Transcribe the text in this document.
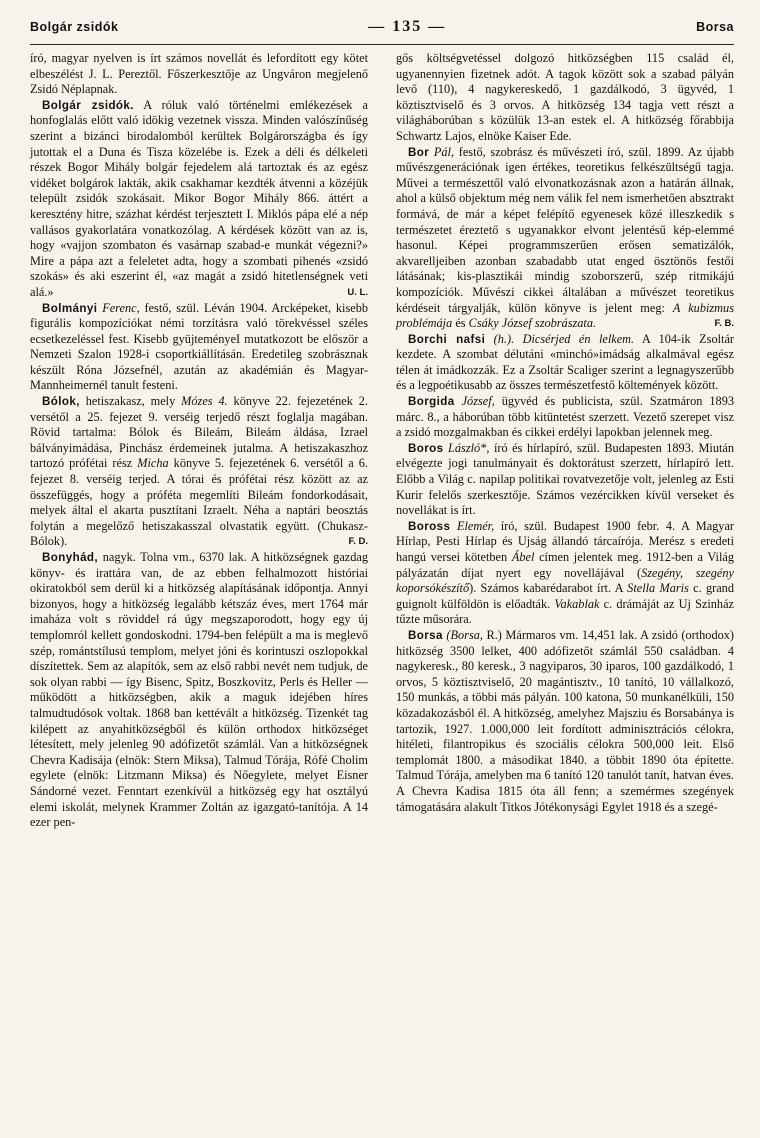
Bolgár zsidók	— 135 —	Borsa

író, magyar nyelven is írt számos novellát és lefordított egy kötet elbeszélést J. L. Pereztől. Főszerkesztője az Ungváron megjelenő Zsidó Néplapnak.

Bolgár zsidók. A róluk való történelmi emlékezések a honfoglalás előtt való idökig vezetnek vissza. Minden valószínűség szerint a bizánci birodalomból kerültek Bolgárországba és így jutottak el a Duna és Tisza közelébe is. Ezek a déli és délkeleti részek Bogor Mihály bolgár fejedelem alá tartoztak és az egész vidéket bolgárok lakták, akik csakhamar kezdték átvenni a közéjük települt zsidók szokásait. Mikor Bogor Mihály 866. áttért a keresztény hitre, százhat kérdést terjesztett I. Miklós pápa elé a nép vallásos gyakorlatára vonatkozólag. A kérdések között van az is, hogy «vajjon szombaton és vasárnap szabad-e munkát végezni?» Mire a pápa azt a feleletet adta, hogy a szombati pihenés «zsidó szokás» és aki eszerint él, «az magát a zsidó hitetlenségnek veti alá.»	U. L.

Bolmányi Ferenc, festő, szül. Léván 1904. Arcképeket, kisebb figurális kompozíciókat némi torzításra való törekvéssel széles ecsetkezeléssel fest. Kisebb gyüjteményeI mutatkozott be először a Nemzeti Szalon 1928-i csoportkiállításán. Eredetileg szobrásznak készült Róna Józsefnél, azután az akadémián és Magyar-Mannheimernél tanult festeni.

Bólok, hetiszakasz, mely Mózes 4. könyve 22. fejezetének 2. versétől a 25. fejezet 9. verséig terjedő részt foglalja magában. Rövid tartalma: Bólok és Bileám, Bileám áldása, Izrael bálványimádása, Pinchász érdemeinek jutalma. A hetiszakaszhoz tartozó prófétai rész Micha könyve 5. fejezetének 6. versétől a 6. fejezet 8. verséig terjed. A tórai és prófétai rész között az az összefüggés, hogy a próféta megemlíti Bileám fondorkodásait, melyek által el akarta pusztítani Izraelt. Néha a naptári beosztás folytán a megelőző hetiszakasszal olvastatik együtt. (Chukasz-Bólok).	F. D.

Bonyhád, nagyk. Tolna vm., 6370 lak. A hitközségnek gazdag könyv- és irattára van, de az ebben felhalmozott históriai okiratokból sem derül ki a hitközség alapításának időpontja. Annyi bizonyos, hogy a hitközség legalább kétszáz éves, mert 1764 már imaháza volt s röviddel rá úgy megszaporodott, hogy egy új templomról kellett gondoskodni. 1794-ben felépült a ma is meglevő szép, romántstílusú templom, melyet jóni és korintuszi oszlopokkal díszítettek. Sem az alapítók, sem az első rabbi nevét nem tudjuk, de sok olyan rabbi — így Bisenc, Spitz, Boszkovitz, Perls és Heller — működött a hitközségben, akik a maguk idejében híres talmudtudósok voltak. 1868 ban kettévált a hitközség. Tizenkét tag kilépett az anyahitközségből és külön orthodox hitközséget létesített, mely jelenleg 90 adófizetőt számlál. Van a hitközségnek Chevra Kadisája (elnök: Stern Miksa), Talmud Tórája, Rófé Cholim egylete (elnök: Litzmann Miksa) és Nőegylete, melyet Eisner Sándorné vezet. Fenntart ezenkívül a hitközség egy hat osztályú elemi iskolát, melynek Krammer Zoltán az igazgató-tanítója. A 14 ezer pen-

gős költségvetéssel dolgozó hitközségben 115 család él, ugyanennyien fizetnek adót. A tagok között sok a szabad pályán levő (110), 4 nagykereskedő, 1 gazdálkodó, 3 ügyvéd, 1 köztisztviselő és 3 orvos. A hitközség 134 tagja vett részt a világháborúban s közülük 13-an estek el. A hitközség főrabbija Schwartz Lajos, elnöke Kaiser Ede.

Bor Pál, festő, szobrász és művészeti író, szül. 1899. Az újabb művészgenerációnak igen értékes, teoretikus felkészültségű tagja. Művei a természettől való elvonatkozásnak azon a határán állnak, ahol a külső objektum még nem válik fel nem ismerhetően absztrakt formává, de már a képet felépítő egyenesek közé illeszkedik s természetet éreztető s ugyanakkor elvont jelentésű kép-elemmé hasonul. Képei programmszerűen erősen sematizálók, akvarelljeiben azonban szabadabb utat enged ösztönös festői látásának; kis-plasztikái mindig szoborszerű, szép ritmikájú kompozíciók. Művészi cikkei általában a művészet teoretikus kérdéseit tárgyalják, külön könyve is jelent meg: A kubizmus problémája és Csáky József szobrászata.	F. B.

Borchi nafsi (h.). Dicsérjed én lelkem. A 104-ik Zsoltár kezdete. A szombat délutáni «minchó»imádság alkalmával egész télen át imádkozzák. Ez a Zsoltár Scaliger szerint a legnagyszerűbb és a legpoétikusabb az összes természetfestő költemények között.

Borgida József, ügyvéd és publicista, szül. Szatmáron 1893 márc. 8., a háborúban több kitüntetést szerzett. Vezető szerepet visz a zsidó mozgalmakban és cikkei erdélyi lapokban jelennek meg.

Boros László*, író és hírlapíró, szül. Budapesten 1893. Miután elvégezte jogi tanulmányait és doktorátust szerzett, hírlapíró lett. Előbb a Világ c. napilap politikai rovatvezetője volt, jelenleg az Esti Kurir felelős szerkesztője. Számos vezércikken kívül verseket és novellákat is írt.

Boross Elemér, író, szül. Budapest 1900 febr. 4. A Magyar Hírlap, Pesti Hírlap és Ujság állandó tárcaírója. Merész s eredeti hangú versei kötetben Ábel címen jelentek meg. 1912-ben a Világ pályázatán díjat nyert egy novellájával (Szegény, szegény koporsókészítő). Számos kabarédarabot írt. A Stella Maris c. grand guignolt külföldön is előadták. Vakablak c. drámáját az Uj Szinház tűzte műsorára.

Borsa (Borsa, R.) Mármaros vm. 14,451 lak. A zsidó (orthodox) hitközség 3500 lelket, 400 adófizetőt számlál 550 családban. 4 nagykeresk., 80 keresk., 3 nagyiparos, 30 iparos, 100 gazdálkodó, 1 orvos, 5 köztisztviselő, 20 magántisztv., 10 tanító, 10 vállalkozó, 150 munkás, a többi más pályán. 100 katona, 50 munkanélküli, 150 közadakozásból él. A hitközség, amelyhez Majsziu és Borsabánya is tartozik, 1927. 1.000,000 leit fordított adminisztrációs célokra, hitéleti, filantropikus és szociális célokra 500,000 leit. Első templomát 1800. a másodikat 1840. a többit 1890 óta építette. Talmud Tórája, amelyben ma 6 tanító 120 tanulót tanít, hatvan éves. A Chevra Kadisa 1815 óta áll fenn; a szemérmes szegények támogatására alakult Titkos Jótékonysági Egylet 1918 és a szegé-
